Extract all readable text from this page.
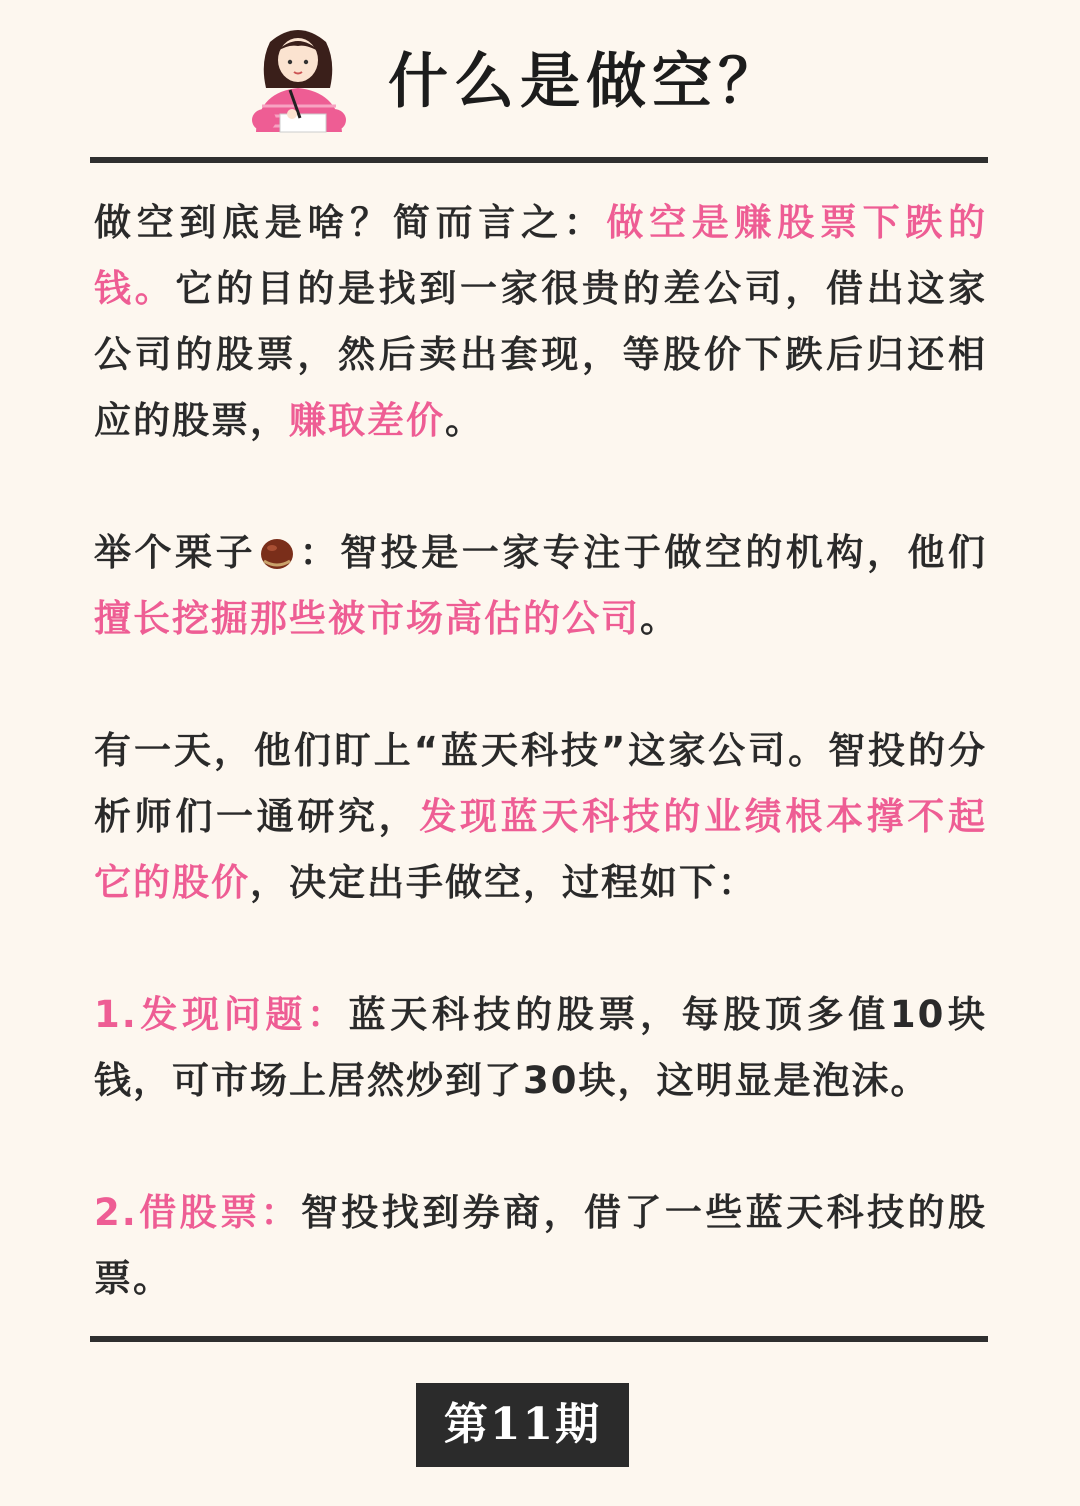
什么是做空？

做空到底是啥？简而言之：做空是赚股票下跌的钱。它的目的是找到一家很贵的差公司，借出这家公司的股票，然后卖出套现，等股价下跌后归还相应的股票，赚取差价。

举个栗子 ：智投是一家专注于做空的机构，他们擅长挖掘那些被市场高估的公司。

有一天，他们盯上“蓝天科技”这家公司。智投的分析师们一通研究，发现蓝天科技的业绩根本撑不起它的股价，决定出手做空，过程如下：

1.发现问题：蓝天科技的股票，每股顶多值10块钱，可市场上居然炒到了30块，这明显是泡沫。

2.借股票：智投找到券商，借了一些蓝天科技的股票。

第11期
